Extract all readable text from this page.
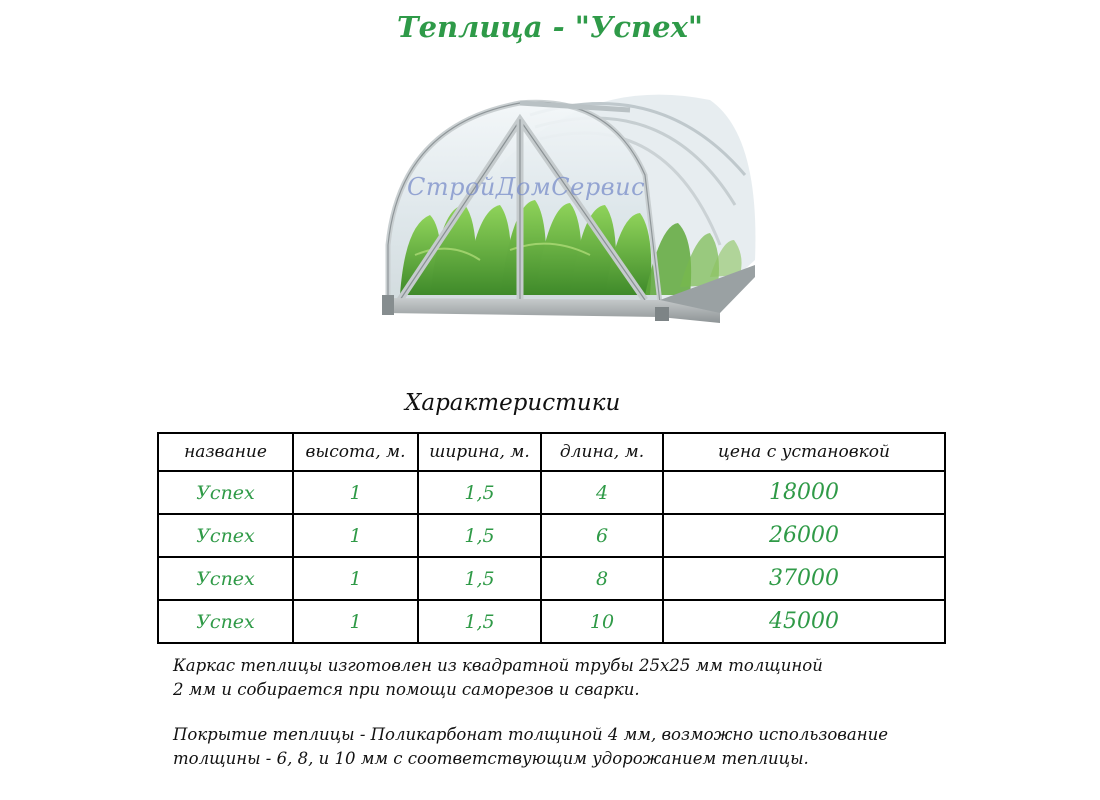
Теплица - "Успех"
СтройДомСервис
Характеристики
название	высота, м.	ширина, м.	длина, м.	цена с установкой
Успех	1	1,5	4	18000
Успех	1	1,5	6	26000
Успех	1	1,5	8	37000
Успех	1	1,5	10	45000

Каркас теплицы изготовлен из квадратной трубы 25х25 мм толщиной

2 мм и собирается при помощи саморезов и сварки.

Покрытие теплицы - Поликарбонат толщиной 4 мм, возможно использование

толщины - 6, 8, и 10 мм с соответствующим удорожанием теплицы.
